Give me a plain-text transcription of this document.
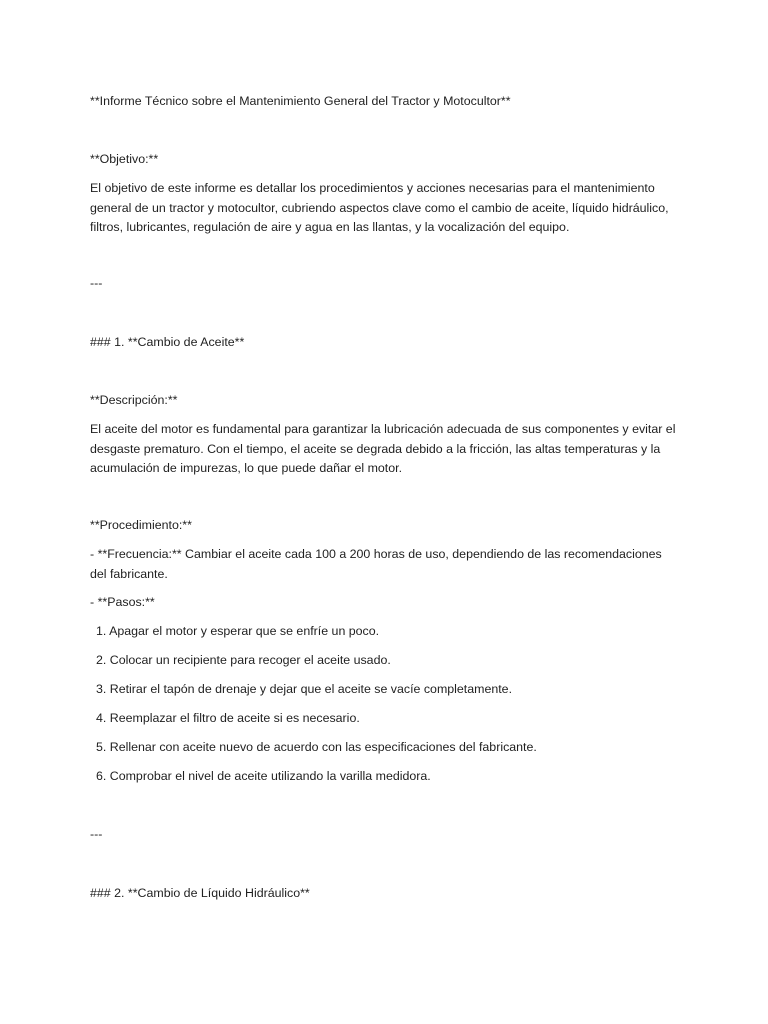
**Informe Técnico sobre el Mantenimiento General del Tractor y Motocultor**
**Objetivo:**
El objetivo de este informe es detallar los procedimientos y acciones necesarias para el mantenimiento general de un tractor y motocultor, cubriendo aspectos clave como el cambio de aceite, líquido hidráulico, filtros, lubricantes, regulación de aire y agua en las llantas, y la vocalización del equipo.
---
### 1. **Cambio de Aceite**
**Descripción:**
El aceite del motor es fundamental para garantizar la lubricación adecuada de sus componentes y evitar el desgaste prematuro. Con el tiempo, el aceite se degrada debido a la fricción, las altas temperaturas y la acumulación de impurezas, lo que puede dañar el motor.
**Procedimiento:**
- **Frecuencia:** Cambiar el aceite cada 100 a 200 horas de uso, dependiendo de las recomendaciones del fabricante.
- **Pasos:**
1. Apagar el motor y esperar que se enfríe un poco.
2. Colocar un recipiente para recoger el aceite usado.
3. Retirar el tapón de drenaje y dejar que el aceite se vacíe completamente.
4. Reemplazar el filtro de aceite si es necesario.
5. Rellenar con aceite nuevo de acuerdo con las especificaciones del fabricante.
6. Comprobar el nivel de aceite utilizando la varilla medidora.
---
### 2. **Cambio de Líquido Hidráulico**
